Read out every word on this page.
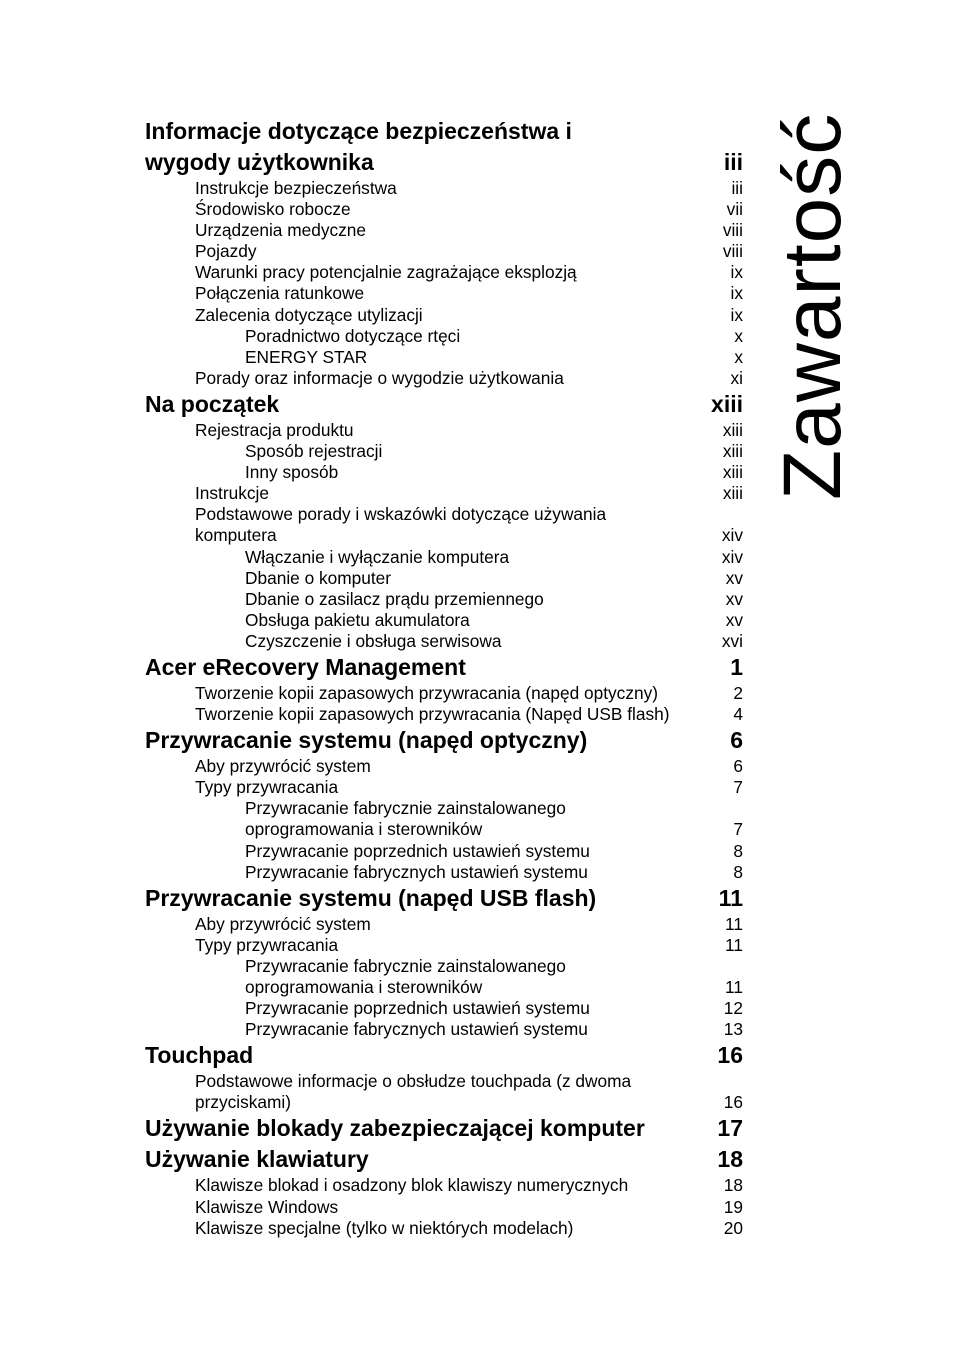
Zawartość
Informacje dotyczące bezpieczeństwa i
wygody użytkownika	iii
Instrukcje bezpieczeństwa	iii
Środowisko robocze	vii
Urządzenia medyczne	viii
Pojazdy	viii
Warunki pracy potencjalnie zagrażające eksplozją	ix
Połączenia ratunkowe	ix
Zalecenia dotyczące utylizacji	ix
Poradnictwo dotyczące rtęci	x
ENERGY STAR	x
Porady oraz informacje o wygodzie użytkowania	xi
Na początek	xiii
Rejestracja produktu	xiii
Sposób rejestracji	xiii
Inny sposób	xiii
Instrukcje	xiii
Podstawowe porady i wskazówki dotyczące używania
komputera	xiv
Włączanie i wyłączanie komputera	xiv
Dbanie o komputer	xv
Dbanie o zasilacz prądu przemiennego	xv
Obsługa pakietu akumulatora	xv
Czyszczenie i obsługa serwisowa	xvi
Acer eRecovery Management	1
Tworzenie kopii zapasowych przywracania (napęd optyczny)	2
Tworzenie kopii zapasowych przywracania (Napęd USB flash)	4
Przywracanie systemu (napęd optyczny)	6
Aby przywrócić system	6
Typy przywracania	7
Przywracanie fabrycznie zainstalowanego
oprogramowania i sterowników	7
Przywracanie poprzednich ustawień systemu	8
Przywracanie fabrycznych ustawień systemu	8
Przywracanie systemu (napęd USB flash)	11
Aby przywrócić system	11
Typy przywracania	11
Przywracanie fabrycznie zainstalowanego
oprogramowania i sterowników	11
Przywracanie poprzednich ustawień systemu	12
Przywracanie fabrycznych ustawień systemu	13
Touchpad	16
Podstawowe informacje o obsłudze touchpada (z dwoma
przyciskami)	16
Używanie blokady zabezpieczającej komputer	17
Używanie klawiatury	18
Klawisze blokad i osadzony blok klawiszy numerycznych	18
Klawisze Windows	19
Klawisze specjalne (tylko w niektórych modelach)	20
